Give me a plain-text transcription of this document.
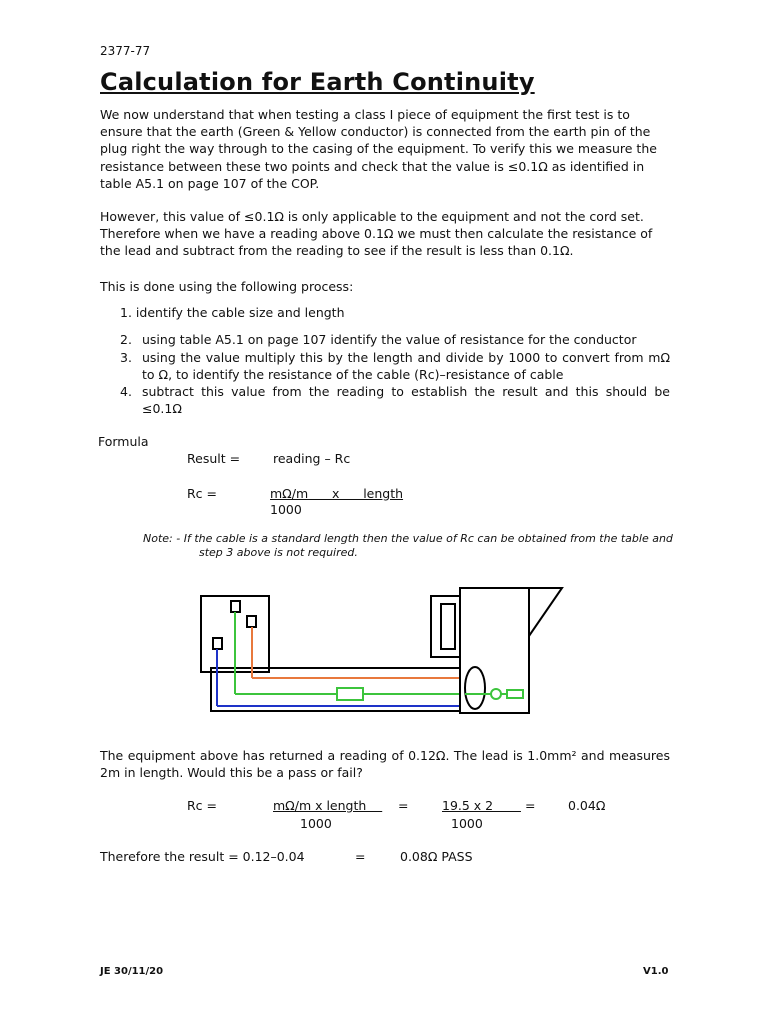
2377-77
Calculation for Earth Continuity
We now understand that when testing a class I piece of equipment the first test is to ensure that the earth (Green & Yellow conductor) is connected from the earth pin of the plug right the way through to the casing of the equipment. To verify this we measure the resistance between these two points and check that the value is ≤0.1Ω as identified in table A5.1 on page 107 of the COP.
However, this value of ≤0.1Ω is only applicable to the equipment and not the cord set. Therefore when we have a reading above 0.1Ω we must then calculate the resistance of the lead and subtract from the reading to see if the result is less than 0.1Ω.
This is done using the following process:
1. identify the cable size and length
2. using table A5.1 on page 107 identify the value of resistance for the conductor
3. using the value multiply this by the length and divide by 1000 to convert from mΩ to Ω, to identify the resistance of the cable (Rc)–resistance of cable
4. subtract this value from the reading to establish the result and this should be ≤0.1Ω
Formula
Result =	reading – Rc
Rc =	mΩ/m      x      length
1000
Note: - If the cable is a standard length then the value of Rc can be obtained from the table and
step 3 above is not required.
The equipment above has returned a reading of 0.12Ω. The lead is 1.0mm² and measures 2m in length. Would this be a pass or fail?
Rc =	mΩ/m x length =	19.5 x 2 =	0.04Ω
1000	1000
Therefore the result = 0.12–0.04	=	0.08Ω PASS
JE 30/11/20	V1.0
